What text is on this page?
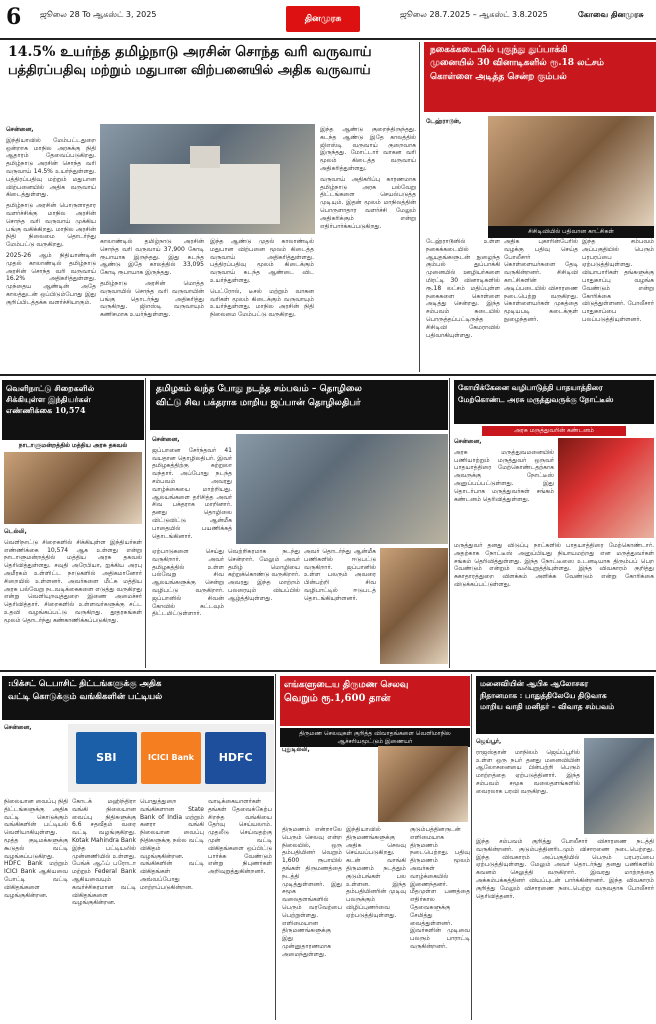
6 ஜூலை 28 To ஆகஸ்ட் 3, 2025	தினமுரசு	ஜூலை 28.7.2025 – ஆகஸ்ட் 3.8.2025	கோவை தினமுரசு
14.5% உயர்ந்த தமிழ்நாடு அரசின் சொந்த வரி வருவாய்
பத்திரப்பதிவு மற்றும் மதுபான விற்பனையில் அதிக வருவாய்

சென்னை,

இந்தியாவில் மேம்பட்டதுறை ஒன்றாக மாநில அரசுக்கு நிதி ஆதாரம் தேவைப்படுகிறது. தமிழ்நாடு அரசின் சொந்த வரி வருவாய் 14.5% உயர்ந்துள்ளது. பத்திரப்பதிவு மற்றும் மதுபான விற்பனையில் அதிக வருவாய் கிடைத்துள்ளது.

தமிழ்நாடு அரசின் பொருளாதார வளர்ச்சிக்கு மாநில அரசின் சொந்த வரி வருவாய் முக்கிய பங்கு வகிக்கிறது. மாநில அரசின் நிதி நிலைமை தொடர்ந்து மேம்பட்டு வருகிறது.

2025-26 ஆம் நிதியாண்டின் முதல் காலாண்டில் தமிழ்நாடு அரசின் சொந்த வரி வருவாய் 16.2% அதிகரித்துள்ளது. முந்தைய ஆண்டின் அதே காலத்துடன் ஒப்பிடும்போது இது குறிப்பிடத்தக்க வளர்ச்சியாகும்.

காலாண்டில் தமிழ்நாடு அரசின் சொந்த வரி வருவாய் 37,900 கோடி ரூபாயாக இருந்தது. இது கடந்த ஆண்டு இதே காலத்தில் 33,095 கோடி ரூபாயாக இருந்தது.

தமிழ்நாடு அரசின் மொத்த வருவாயில் சொந்த வரி வருவாயின் பங்கு தொடர்ந்து அதிகரித்து வருகிறது. ஜிஎஸ்டி வருவாயும் கணிசமாக உயர்ந்துள்ளது.

இந்த ஆண்டு முதல் காலாண்டில் மதுபான விற்பனை மூலம் கிடைத்த வருவாய் அதிகரித்துள்ளது. பத்திரப்பதிவு மூலம் கிடைக்கும் வருவாய் கடந்த ஆண்டை விட உயர்ந்துள்ளது.

பெட்ரோல், டீசல் மற்றும் வாகன வரிகள் மூலம் கிடைக்கும் வருவாயும் உயர்ந்துள்ளது. மாநில அரசின் நிதி நிலைமை மேம்பட்டு வருகிறது.

இந்த ஆண்டு குறைந்திருந்தது. கடந்த ஆண்டு இதே காலத்தில் ஜிஎஸ்டி வருவாய் குறைவாக இருந்தது. மோட்டார் வாகன வரி மூலம் கிடைத்த வருவாய் அதிகரித்துள்ளது.

வருவாய் அதிகரிப்பு காரணமாக தமிழ்நாடு அரசு பல்வேறு திட்டங்களை செயல்படுத்த முடியும். இதன் மூலம் மாநிலத்தின் பொருளாதார வளர்ச்சி மேலும் அதிகரிக்கும் என்று எதிர்பார்க்கப்படுகிறது.

நகைக்கடையில் புகுந்து துப்பாக்கி
முனையில் 30 வினாடிகளில் ரூ.18 லட்சம்
கொள்ளை அடித்த சென்ற கும்பல்

டேஹ்ராடூன்,

சிசிடிவியில் பதிவான காட்சிகள்
டேஹ்ராடூனில் உள்ள நகைக்கடையில் ஆயுதங்களுடன் நுழைந்த கும்பல் துப்பாக்கி முனையில் ஊழியர்களை மிரட்டி 30 வினாடிகளில் ரூ.18 லட்சம் மதிப்புள்ள நகைகளை கொள்ளை அடித்து சென்றது. இந்த சம்பவம் கடையில் பொருத்தப்பட்டிருந்த சிசிடிவி கேமராவில் பதிவாகியுள்ளது.
அதிக புகாரின்பேரில் வழக்கு பதிவு செய்த போலீசார் கொள்ளையர்களை தேடி வருகின்றனர். சிசிடிவி காட்சிகளின் அடிப்படையில் விசாரணை நடைபெற்று வருகிறது. கொள்ளையர்கள் முகத்தை மூடியபடி கடைக்குள் நுழைந்தனர்.
இந்த சம்பவம் அப்பகுதியில் பெரும் பரபரப்பை ஏற்படுத்தியுள்ளது. வியாபாரிகள் தங்களுக்கு பாதுகாப்பு வழங்க வேண்டும் என்று கோரிக்கை விடுத்துள்ளனர். போலீசார் பாதுகாப்பை பலப்படுத்தியுள்ளனர்.
வெளிநாட்டு சிறைகளில்
சிக்கியுள்ள இந்தியர்கள்
எண்ணிக்கை 10,574
நாடாளுமன்றத்தில் மத்திய அரசு தகவல்

டெல்லி,

வெளிநாட்டு சிறைகளில் சிக்கியுள்ள இந்தியர்கள் எண்ணிக்கை 10,574 ஆக உள்ளது என்று நாடாளுமன்றத்தில் மத்திய அரசு தகவல் தெரிவித்துள்ளது. சவுதி அரேபியா, ஐக்கிய அரபு அமீரகம் உள்ளிட்ட நாடுகளில் அதிகமானோர் சிறையில் உள்ளனர். அவர்களை மீட்க மத்திய அரசு பல்வேறு நடவடிக்கைகளை எடுத்து வருகிறது என்று வெளியுறவுத்துறை இணை அமைச்சர் தெரிவித்தார். சிறைகளில் உள்ளவர்களுக்கு சட்ட உதவி வழங்கப்பட்டு வருகிறது. தூதரகங்கள் மூலம் தொடர்ந்து கண்காணிக்கப்படுகிறது.

தமிழகம் வந்த போது நடந்த சம்பவம் – தொழிலை
விட்டு சிவ பக்தராக மாறிய ஜப்பான் தொழிலதிபர்

சென்னை,

ஜப்பானை சேர்ந்தவர் 41 வயதான தொழிலதிபர். இவர் தமிழகத்திற்கு சுற்றுலா வந்தார். அப்போது நடந்த சம்பவம் அவரது வாழ்க்கையை மாற்றியது. ஆலயங்களை தரிசித்த அவர் சிவ பக்தராக மாறினார். தனது தொழிலை விட்டுவிட்டு ஆன்மீக பாதையில் பயணிக்கத் தொடங்கினார்.

ஏற்பாடுகளை செய்து வருகிறார். அவர் தமிழகத்தில் உள்ள பல்வேறு சிவ ஆலயங்களுக்கு சென்று வழிபட்டு வருகிறார். ஜப்பானில் சிவன் கோவில் கட்டவும் திட்டமிட்டுள்ளார்.
வெற்றிகரமாக நடந்து சென்றார். மேலும் அவர் தமிழ் மொழியை கற்றுக்கொண்டு வருகிறார். அவரது இந்த மாற்றம் பலரையும் வியப்பில் ஆழ்த்தியுள்ளது.
அவர் தொடர்ந்து ஆன்மீக பணிகளில் ஈடுபட்டு வருகிறார். ஜப்பானில் உள்ள பலரும் அவரை பின்பற்றி சிவ வழிபாட்டில் ஈடுபடத் தொடங்கியுள்ளனர்.
கோயிக்கேனை வழிபாடுத்தி பாதயாத்திரை
மேற்கொண்ட அரசு மருத்துவருக்கு நோட்டீஸ்
அரசு மருத்துவரின் கண்டனம்

சென்னை,

அரசு மருத்துவமனையில் பணியாற்றும் மருத்துவர் ஒருவர் பாதயாத்திரை மேற்கொண்டதற்காக அவருக்கு நோட்டீஸ் அனுப்பப்பட்டுள்ளது. இது தொடர்பாக மருத்துவர்கள் சங்கம் கண்டனம் தெரிவித்துள்ளது.

மருத்துவர் தனது விடுப்பு நாட்களில் பாதயாத்திரை மேற்கொண்டார். அதற்காக நோட்டீஸ் அனுப்பியது நியாயமற்றது என மருத்துவர்கள் சங்கம் தெரிவித்துள்ளது. இந்த நோட்டீஸை உடனடியாக திரும்பப் பெற வேண்டும் என்றும் வலியுறுத்தியுள்ளது. இந்த விவகாரம் குறித்து சுகாதாரத்துறை விளக்கம் அளிக்க வேண்டும் என்று கோரிக்கை விடுக்கப்பட்டுள்ளது.
:பிக்சட் டெபாசிட் திட்டங்களுக்கு அதிக
வட்டி கொடுக்கும் வங்கிகளின் பட்டியல்

சென்னை,

SBI	ICICI Bank	HDFC
நிலையான வைப்பு நிதி திட்டங்களுக்கு அதிக வட்டி கொடுக்கும் வங்கிகளின் பட்டியல் வெளியாகியுள்ளது. மூத்த குடிமக்களுக்கு கூடுதல் வட்டி வழங்கப்படுகிறது. HDFC Bank மற்றும் ICICI Bank ஆகியவை போட்டி வட்டி விகிதங்களை வழங்குகின்றன.
கோடக் மஹிந்திரா வங்கி நிலையான வைப்பு நிதிகளுக்கு 6.6 சதவீதம் வரை வட்டி வழங்குகிறது. Kotak Mahindra Bank இந்த பட்டியலில் முன்னணியில் உள்ளது. பேங்க் ஆஃப் பரோடா மற்றும் Federal Bank ஆகியவையும் கவர்ச்சிகரமான வட்டி விகிதங்களை வழங்குகின்றன.
பொதுத்துறை வங்கிகளான State Bank of India மற்றும் கனரா வங்கி நிலையான வைப்பு நிதிகளுக்கு நல்ல வட்டி விகிதம் வழங்குகின்றன. வங்கிகளின் வட்டி விகிதங்கள் அவ்வப்போது மாற்றப்படுகின்றன.
வாடிக்கையாளர்கள் தங்கள் தேவைக்கேற்ப சிறந்த வங்கியை தேர்வு செய்யலாம். முதலீடு செய்வதற்கு முன் வட்டி விகிதங்களை ஒப்பிட்டு பார்க்க வேண்டும் என்று நிபுணர்கள் அறிவுறுத்துகின்றனர்.
எங்களுடைய திருமண செலவு
வெறும் ரூ.1,600 தான்
திருமண செலவுகள் குறித்த விவாதங்களை வெளிமாநில ஆச்சரியமூட்டும் இணையர்

புதுடில்லி,

திருமணம் என்றாலே பெரும் செலவு என்ற நிலையில், ஒரு தம்பதியினர் வெறும் 1,600 ரூபாயில் தங்கள் திருமணத்தை நடத்தி முடித்துள்ளனர். இது சமூக வலைதளங்களில் பெரும் வரவேற்பை பெற்றுள்ளது. எளிமையான திருமணங்களுக்கு இது முன்னுதாரணமாக அமைந்துள்ளது.
இந்தியாவில் திருமணங்களுக்கு அதிக செலவு செய்யப்படுகிறது. கடன் வாங்கி திருமணம் நடத்தும் குடும்பங்கள் பல உள்ளன. இந்த தம்பதியினரின் முடிவு பலருக்கும் விழிப்புணர்வை ஏற்படுத்தியுள்ளது.
குடும்பத்தினருடன் எளிமையாக திருமணம் நடைபெற்றது. பதிவு திருமணம் மூலம் அவர்கள் வாழ்க்கையில் இணைந்தனர். மீதமுள்ள பணத்தை எதிர்கால தேவைகளுக்கு சேமித்து வைத்துள்ளனர். இவர்களின் முடிவை பலரும் பாராட்டி வருகின்றனர்.
மனைவியின் ஆபிசு ஆலோசகர
நிதானமாக : பாதுத்திலேயே திடுவாக
மாறிய வாதி மனிதர் – விவாத சம்பவம்

ஜெய்பூர்,

ராஜஸ்தான் மாநிலம் ஜெய்ப்பூரில் உள்ள ஒரு நபர் தனது மனைவியின் ஆலோசனையை பின்பற்றி பெரும் மாற்றத்தை ஏற்படுத்தினார். இந்த சம்பவம் சமூக வலைதளங்களில் வைரலாக பரவி வருகிறது.

இந்த சம்பவம் குறித்து போலீசார் விசாரணை நடத்தி வருகின்றனர். குடும்பத்தினரிடமும் விசாரணை நடைபெற்றது. இந்த விவகாரம் அப்பகுதியில் பெரும் பரபரப்பை ஏற்படுத்தியுள்ளது. மேலும் அவர் தொடர்ந்து தனது பணிகளில் கவனம் செலுத்தி வருகிறார். இவரது மாற்றத்தை அக்கம்பக்கத்தினர் வியப்புடன் பார்க்கின்றனர். இந்த விவகாரம் குறித்து மேலும் விசாரணை நடைபெற்று வருவதாக போலீசார் தெரிவித்தனர்.
